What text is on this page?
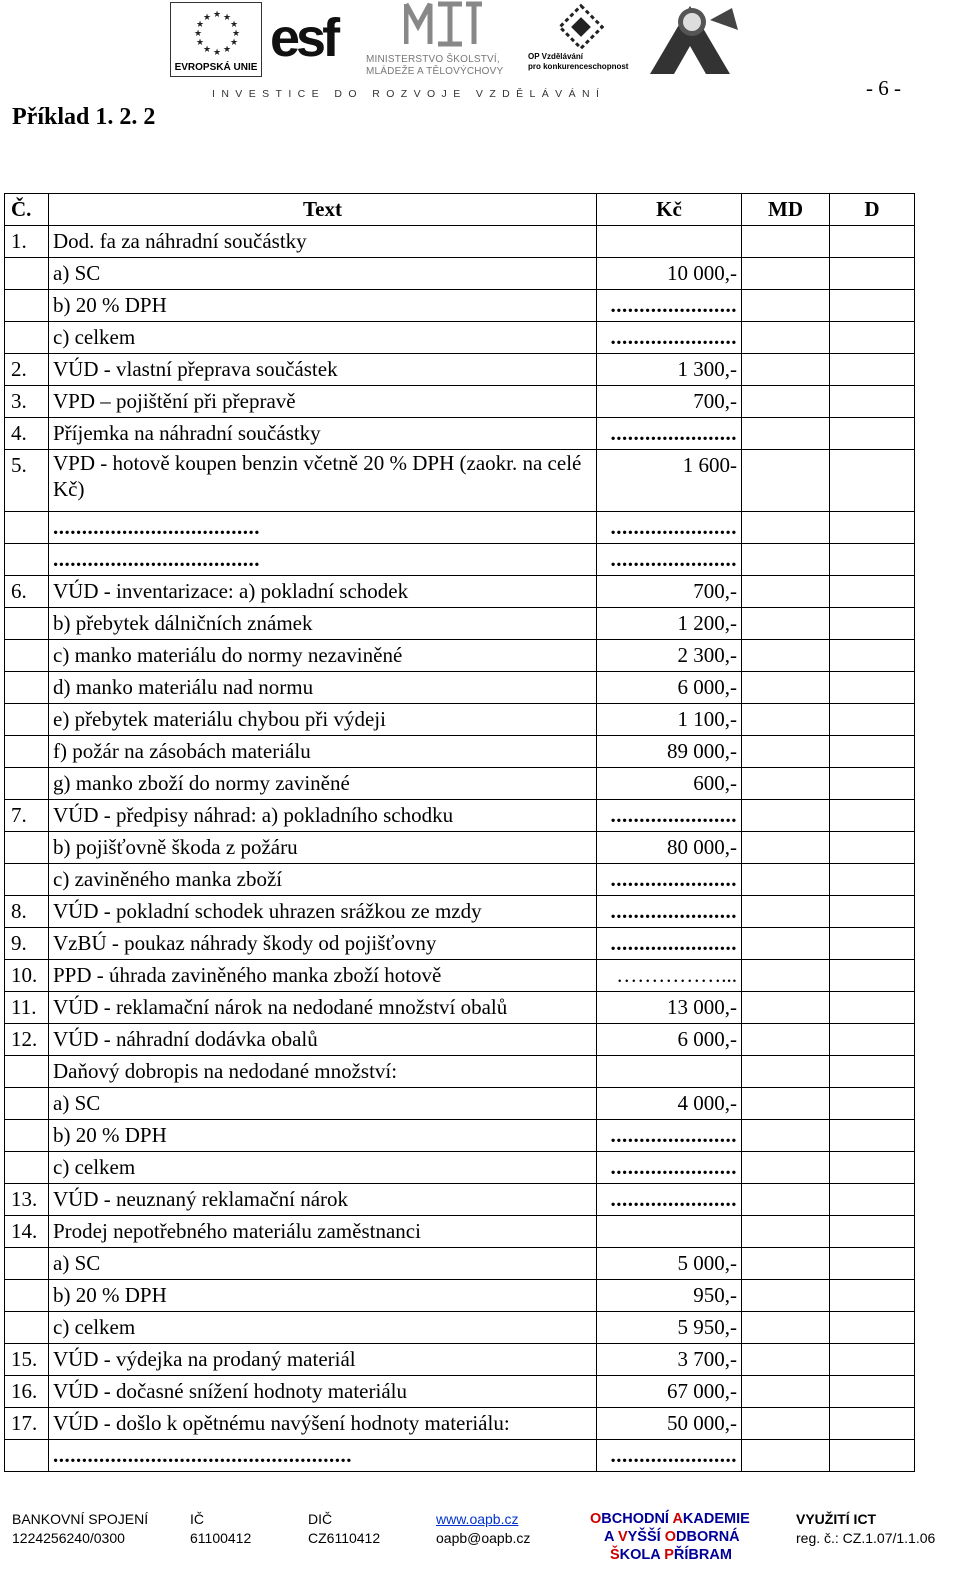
★ ★
★
★
★
★
★
★
★
★
★
★
EVROPSKÁ UNIE esf	MINISTERSTVO ŠKOLSTVÍ,
MLÁDEŽE A TĚLOVÝCHOVY
OP Vzdělávání
pro konkurenceschopnost
INVESTICE DO ROZVOJE VZDĚLÁVÁNÍ
Příklad 1. 2. 2
- 6 -
Č.	Text	Kč	MD	D
1.	Dod. fa za náhradní součástky			
	a) SC	10 000,-		
	b) 20 % DPH	......................		
	c) celkem	......................		
2.	VÚD - vlastní přeprava součástek	1 300,-		
3.	VPD – pojištění při přepravě	700,-		
4.	Příjemka na náhradní součástky	......................		
5.	VPD - hotově koupen benzin včetně 20 % DPH (zaokr. na celé Kč)	1 600-		
	....................................	......................		
	....................................	......................		
6.	VÚD - inventarizace: a) pokladní schodek	700,-		
	b) přebytek dálničních známek	1 200,-		
	c) manko materiálu do normy nezaviněné	2 300,-		
	d) manko materiálu nad normu	6 000,-		
	e) přebytek materiálu chybou při výdeji	1 100,-		
	f) požár na zásobách materiálu	89 000,-		
	g) manko zboží do normy zaviněné	600,-		
7.	VÚD - předpisy náhrad: a) pokladního schodku	......................		
	b) pojišťovně škoda z požáru	80 000,-		
	c) zaviněného manka zboží	......................		
8.	VÚD - pokladní schodek uhrazen srážkou ze mzdy	......................		
9.	VzBÚ - poukaz náhrady škody od pojišťovny	......................		
10.	PPD - úhrada zaviněného manka zboží hotově	……………...		
11.	VÚD - reklamační nárok na nedodané množství obalů	13 000,-		
12.	VÚD - náhradní dodávka obalů	6 000,-		
	Daňový dobropis na nedodané množství:			
	a) SC	4 000,-		
	b) 20 % DPH	......................		
	c) celkem	......................		
13.	VÚD - neuznaný reklamační nárok	......................		
14.	Prodej nepotřebného materiálu zaměstnanci			
	a) SC	5 000,-		
	b) 20 % DPH	950,-		
	c) celkem	5 950,-		
15.	VÚD - výdejka na prodaný materiál	3 700,-		
16.	VÚD - dočasné snížení hodnoty materiálu	67 000,-		
17.	VÚD - došlo k opětnému navýšení hodnoty materiálu:	50 000,-		
	....................................................	......................		
BANKOVNÍ SPOJENÍ
1224256240/0300
IČ
61100412
DIČ
CZ6110412
www.oapb.cz
oapb@oapb.cz
OBCHODNÍ AKADEMIE
A VYŠŠÍ ODBORNÁ
ŠKOLA PŘÍBRAM
VYUŽITÍ ICT
reg. č.: CZ.1.07/1.1.06
